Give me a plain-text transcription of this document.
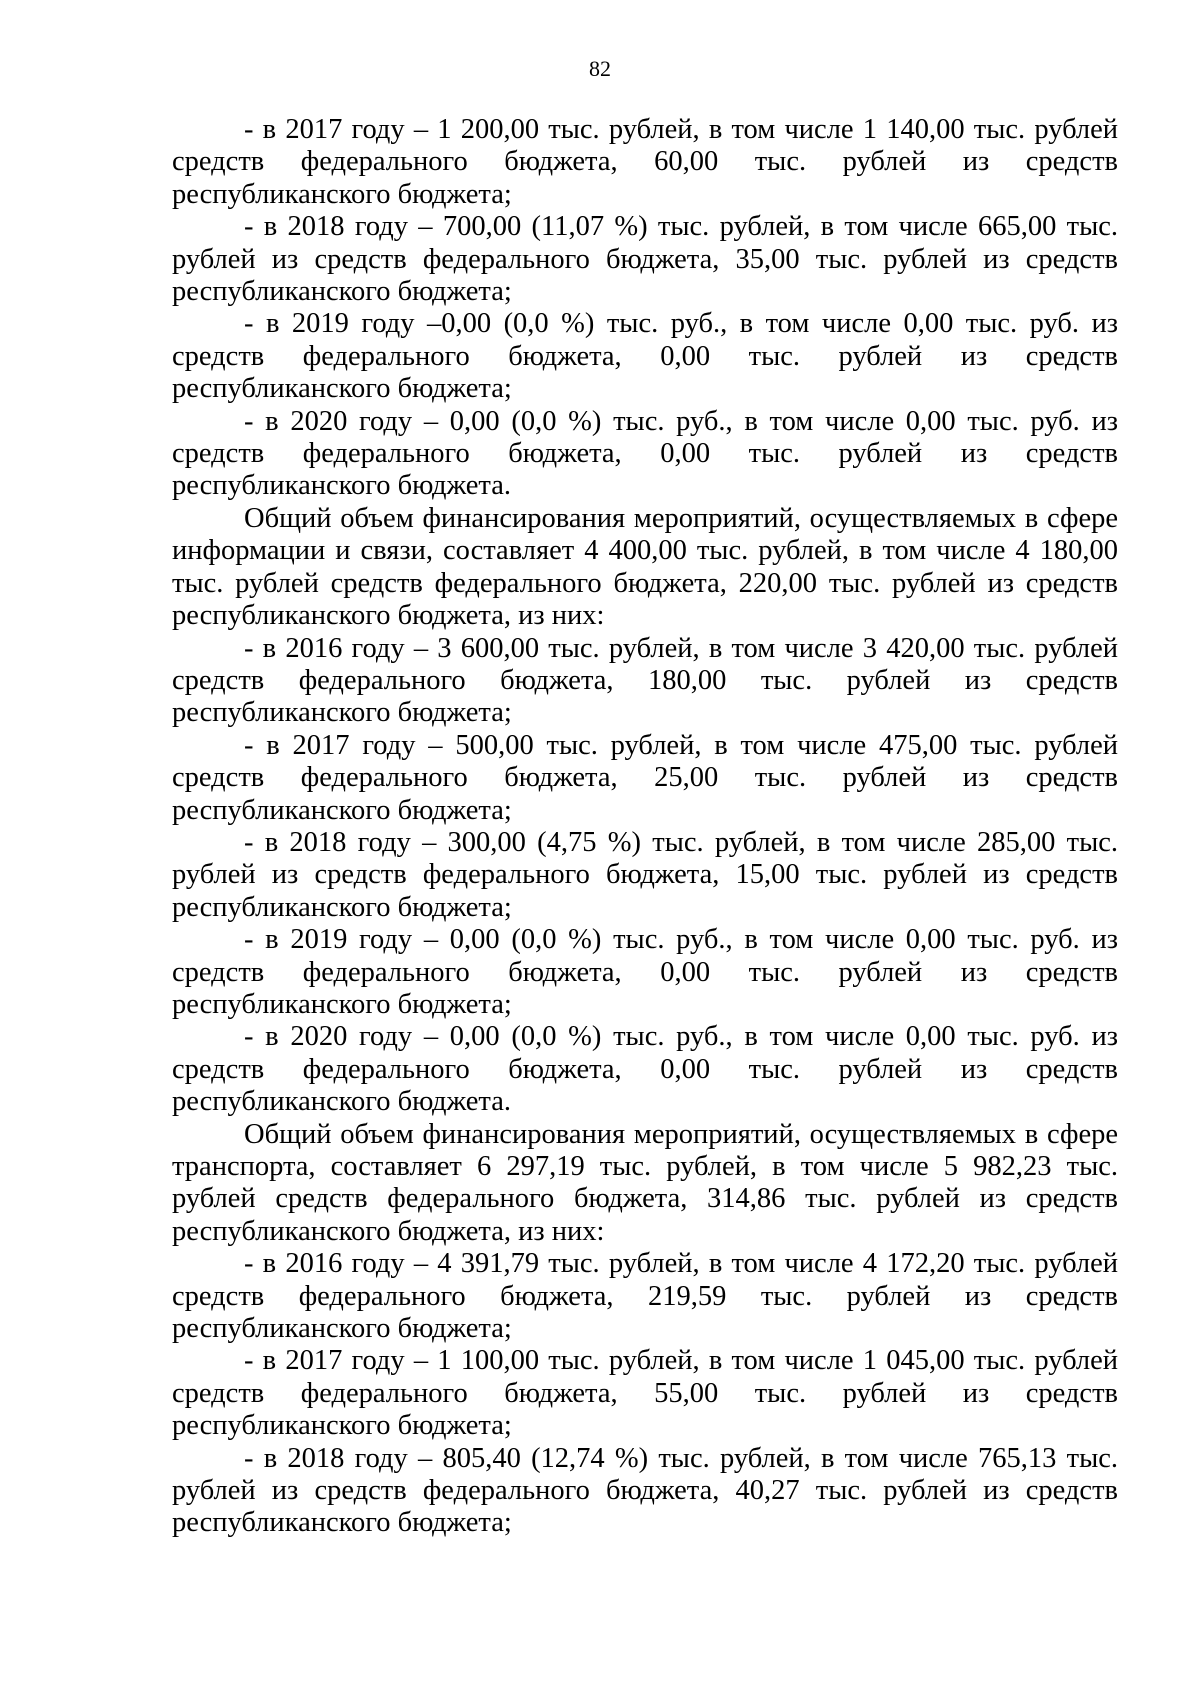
82

- в 2017 году – 1 200,00 тыс. рублей, в том числе 1 140,00 тыс. рублей средств федерального бюджета, 60,00 тыс. рублей из средств республиканского бюджета;

- в 2018 году – 700,00 (11,07 %) тыс. рублей, в том числе 665,00 тыс. рублей из средств федерального бюджета, 35,00 тыс. рублей из средств республиканского бюджета;

- в 2019 году –0,00 (0,0 %) тыс. руб., в том числе 0,00 тыс. руб. из средств федерального бюджета, 0,00 тыс. рублей из средств республиканского бюджета;

- в 2020 году – 0,00 (0,0 %) тыс. руб., в том числе 0,00 тыс. руб. из средств федерального бюджета, 0,00 тыс. рублей из средств республиканского бюджета.

Общий объем финансирования мероприятий, осуществляемых в сфере информации и связи, составляет 4 400,00 тыс. рублей, в том числе 4 180,00 тыс. рублей средств федерального бюджета, 220,00 тыс. рублей из средств республиканского бюджета, из них:

- в 2016 году – 3 600,00 тыс. рублей, в том числе 3 420,00 тыс. рублей средств федерального бюджета, 180,00 тыс. рублей из средств республиканского бюджета;

- в 2017 году – 500,00 тыс. рублей, в том числе 475,00 тыс. рублей средств федерального бюджета, 25,00 тыс. рублей из средств республиканского бюджета;

- в 2018 году – 300,00 (4,75 %) тыс. рублей, в том числе 285,00 тыс. рублей из средств федерального бюджета, 15,00 тыс. рублей из средств республиканского бюджета;

- в 2019 году – 0,00 (0,0 %) тыс. руб., в том числе 0,00 тыс. руб. из средств федерального бюджета, 0,00 тыс. рублей из средств республиканского бюджета;

- в 2020 году – 0,00 (0,0 %) тыс. руб., в том числе 0,00 тыс. руб. из средств федерального бюджета, 0,00 тыс. рублей из средств республиканского бюджета.

Общий объем финансирования мероприятий, осуществляемых в сфере транспорта, составляет 6 297,19 тыс. рублей, в том числе 5 982,23 тыс. рублей средств федерального бюджета, 314,86 тыс. рублей из средств республиканского бюджета, из них:

- в 2016 году – 4 391,79 тыс. рублей, в том числе 4 172,20 тыс. рублей средств федерального бюджета, 219,59 тыс. рублей из средств республиканского бюджета;

- в 2017 году – 1 100,00 тыс. рублей, в том числе 1 045,00 тыс. рублей средств федерального бюджета, 55,00 тыс. рублей из средств республиканского бюджета;

- в 2018 году – 805,40 (12,74 %) тыс. рублей, в том числе 765,13 тыс. рублей из средств федерального бюджета, 40,27 тыс. рублей из средств республиканского бюджета;
